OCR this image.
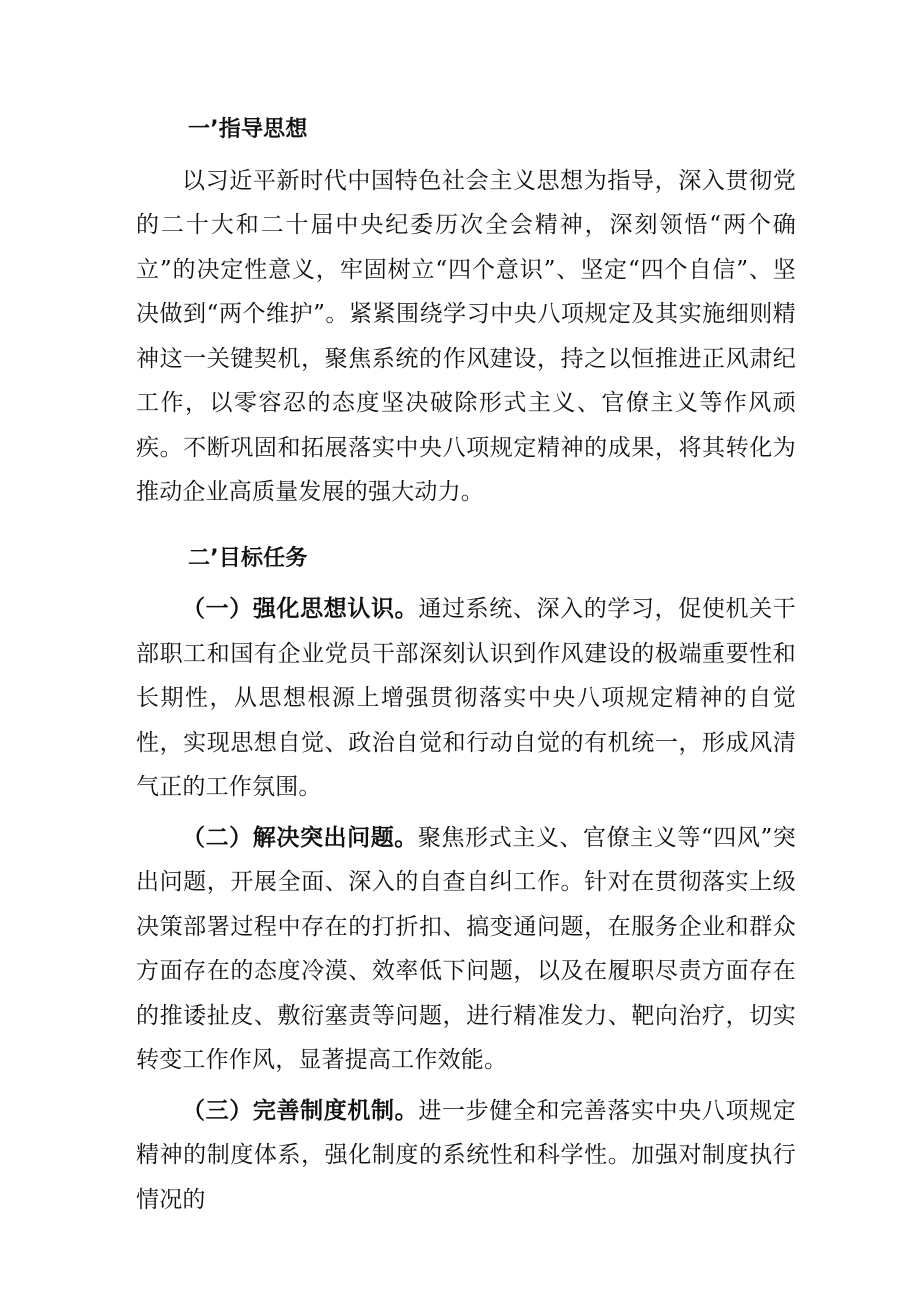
一’指导思想

以习近平新时代中国特色社会主义思想为指导，深入贯彻党的二十大和二十届中央纪委历次全会精神，深刻领悟“两个确立”的决定性意义，牢固树立“四个意识”、坚定“四个自信”、坚决做到“两个维护”。紧紧围绕学习中央八项规定及其实施细则精神这一关键契机，聚焦系统的作风建设，持之以恒推进正风肃纪工作，以零容忍的态度坚决破除形式主义、官僚主义等作风顽疾。不断巩固和拓展落实中央八项规定精神的成果，将其转化为推动企业高质量发展的强大动力。

二’目标任务

（一）强化思想认识。通过系统、深入的学习，促使机关干部职工和国有企业党员干部深刻认识到作风建设的极端重要性和长期性，从思想根源上增强贯彻落实中央八项规定精神的自觉性，实现思想自觉、政治自觉和行动自觉的有机统一，形成风清气正的工作氛围。

（二）解决突出问题。聚焦形式主义、官僚主义等“四风”突出问题，开展全面、深入的自查自纠工作。针对在贯彻落实上级决策部署过程中存在的打折扣、搞变通问题，在服务企业和群众方面存在的态度冷漠、效率低下问题，以及在履职尽责方面存在的推诿扯皮、敷衍塞责等问题，进行精准发力、靶向治疗，切实转变工作作风，显著提高工作效能。

（三）完善制度机制。进一步健全和完善落实中央八项规定精神的制度体系，强化制度的系统性和科学性。加强对制度执行情况的
